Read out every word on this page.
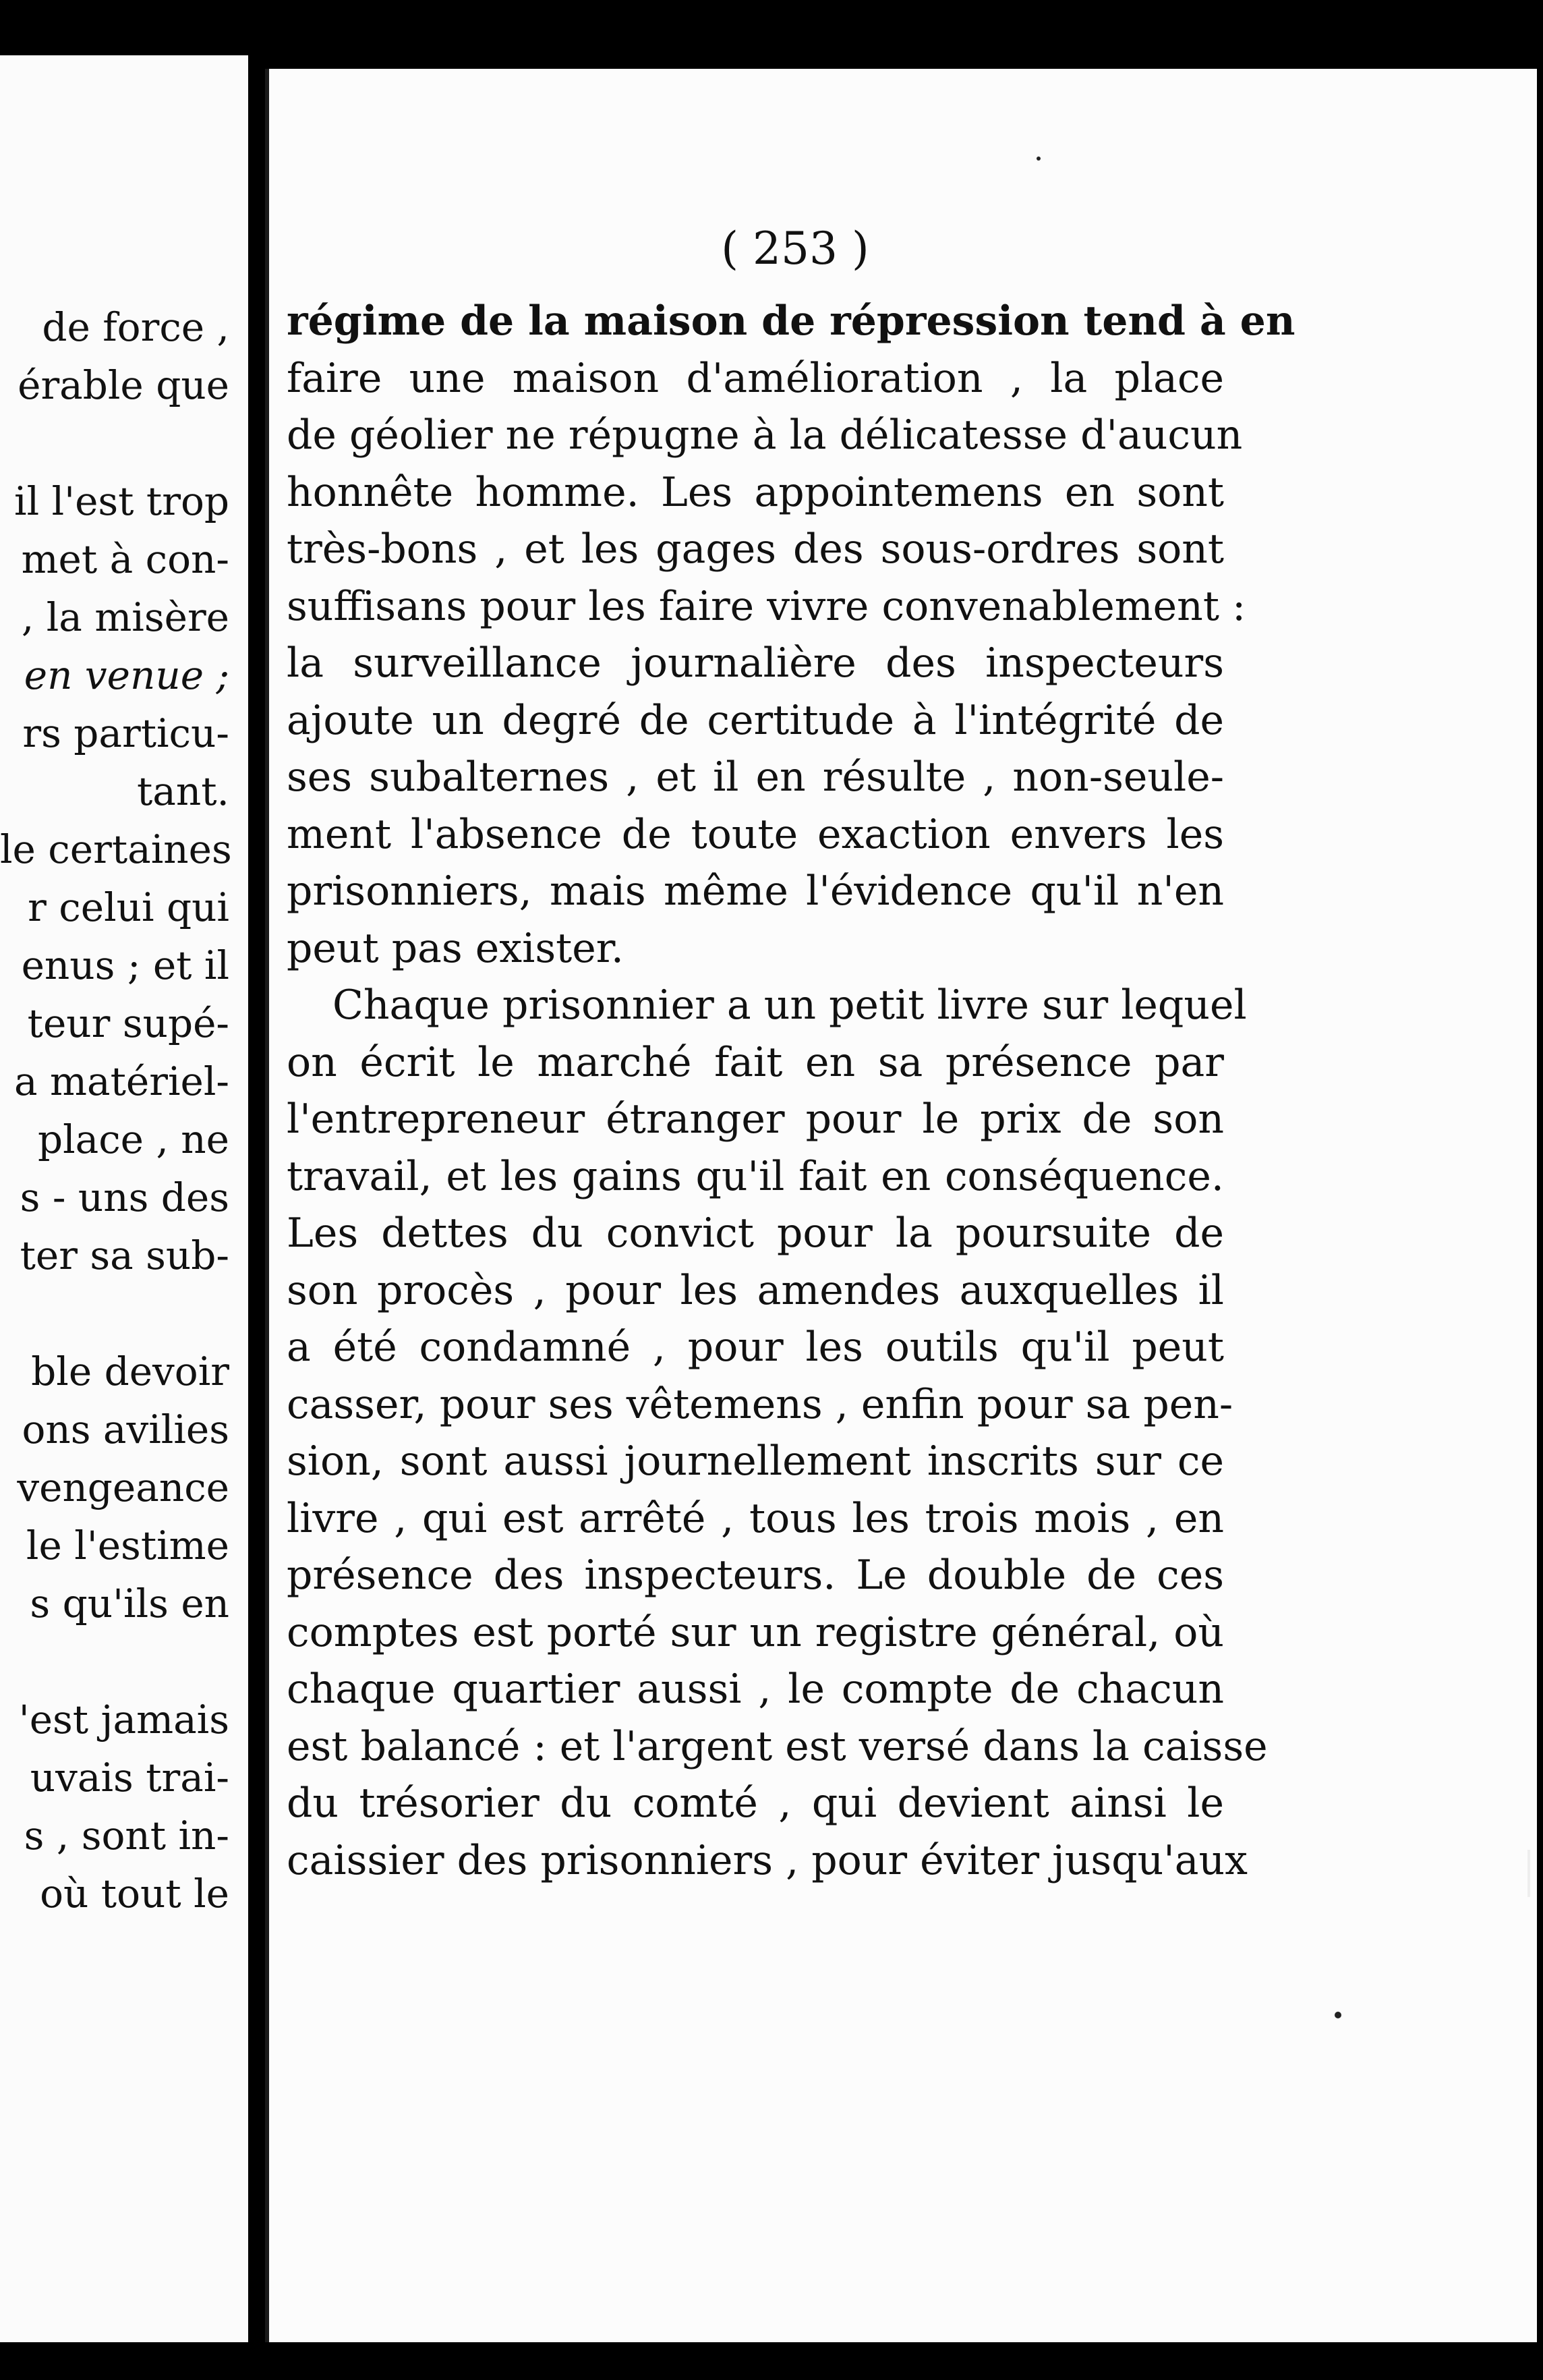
de force ,
érable que
il l'est trop
met à con-
, la misère
en venue ;
rs particu-
tant.
le certaines
r celui qui
enus ; et il
teur supé-
a matériel-
place , ne
s - uns des
ter sa sub-
ble devoir
ons avilies
vengeance
le l'estime
s qu'ils en
'est jamais
uvais trai-
s , sont in-
où tout le
( 253 )
régime de la maison de répression tend à en
faire une maison d'amélioration , la place
de géolier ne répugne à la délicatesse d'aucun
honnête homme. Les appointemens en sont
très-bons , et les gages des sous-ordres sont
suffisans pour les faire vivre convenablement :
la surveillance journalière des inspecteurs
ajoute un degré de certitude à l'intégrité de
ses subalternes , et il en résulte , non-seule-
ment l'absence de toute exaction envers les
prisonniers, mais même l'évidence qu'il n'en
peut pas exister.
Chaque prisonnier a un petit livre sur lequel
on écrit le marché fait en sa présence par
l'entrepreneur étranger pour le prix de son
travail, et les gains qu'il fait en conséquence.
Les dettes du convict pour la poursuite de
son procès , pour les amendes auxquelles il
a été condamné , pour les outils qu'il peut
casser, pour ses vêtemens , enfin pour sa pen-
sion, sont aussi journellement inscrits sur ce
livre , qui est arrêté , tous les trois mois , en
présence des inspecteurs. Le double de ces
comptes est porté sur un registre général, où
chaque quartier aussi , le compte de chacun
est balancé : et l'argent est versé dans la caisse
du trésorier du comté , qui devient ainsi le
caissier des prisonniers , pour éviter jusqu'aux
